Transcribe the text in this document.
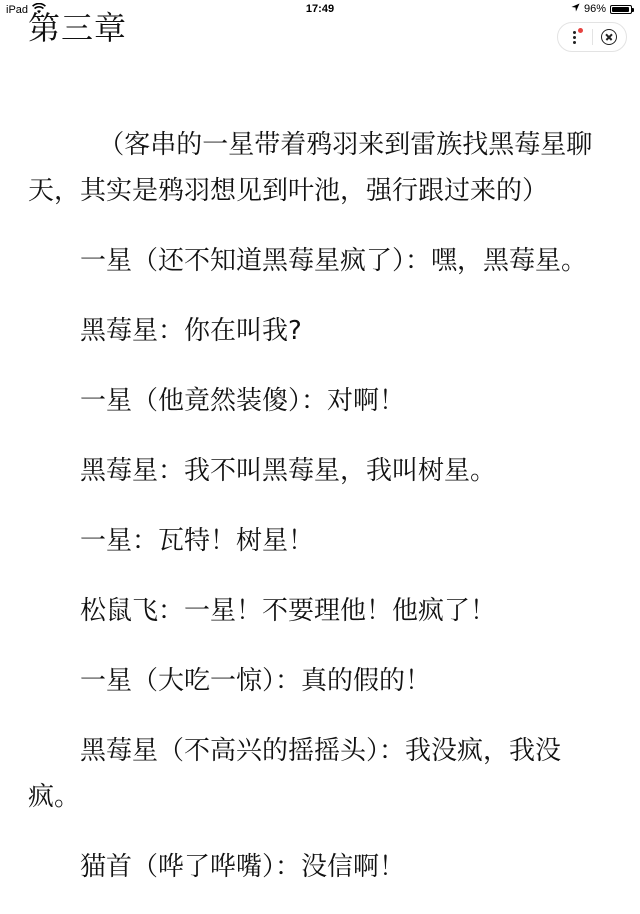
iPad	17:49	96%
第三章

（客串的一星带着鸦羽来到雷族找黑莓星聊天，其实是鸦羽想见到叶池，强行跟过来的）

一星（还不知道黑莓星疯了）：嘿，黑莓星。

黑莓星：你在叫我?

一星（他竟然装傻）：对啊！

黑莓星：我不叫黑莓星，我叫树星。

一星：瓦特！树星！

松鼠飞：一星！不要理他！他疯了！

一星（大吃一惊）：真的假的！

黑莓星（不高兴的摇摇头）：我没疯，我没疯。

猫首（哗了哗嘴）：没信啊！
